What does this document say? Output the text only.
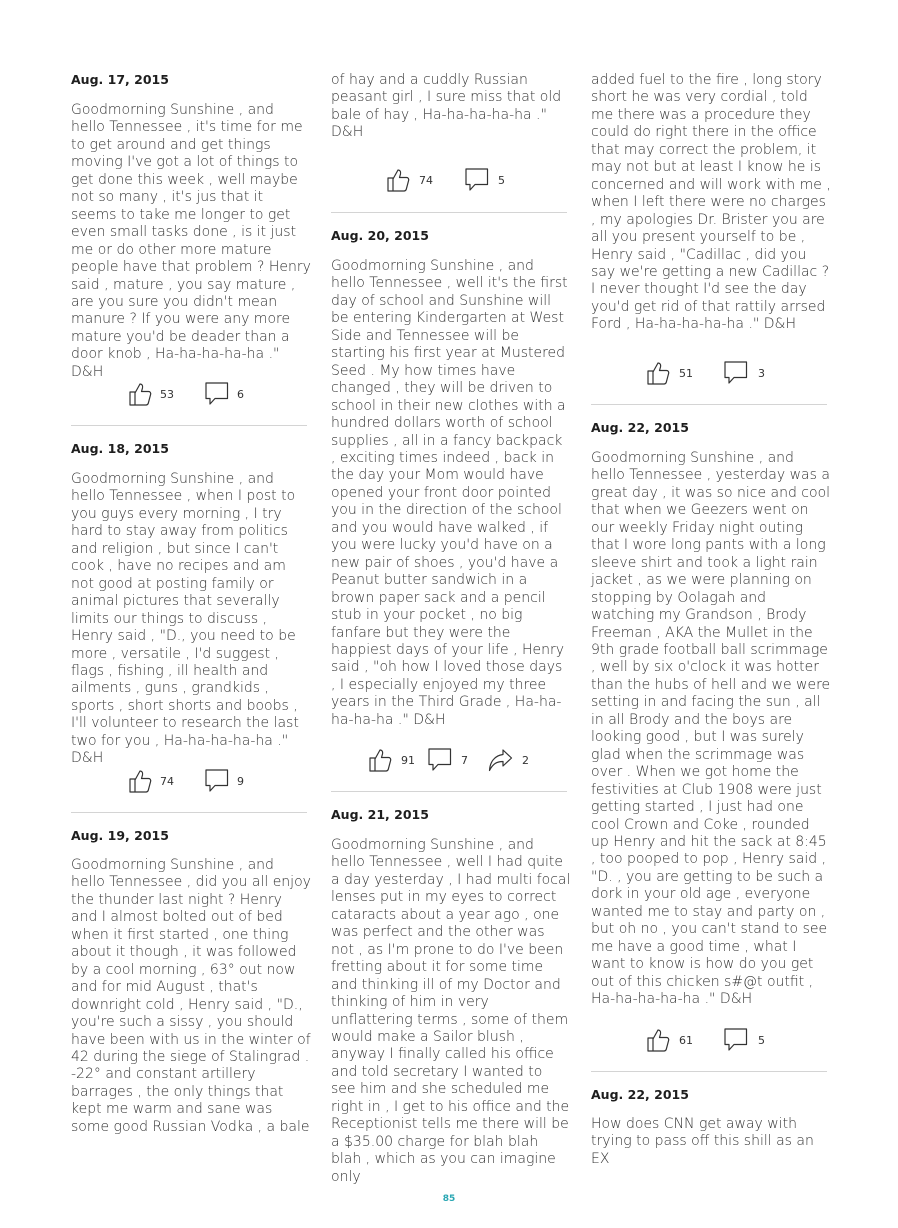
Aug. 17, 2015

Goodmorning Sunshine , and hello Tennessee , it's time for me to get around and get things moving I've got a lot of things to get done this week , well maybe not so many , it's jus that it seems to take me longer to get even small tasks done , is it just me or do other more mature people have that problem ? Henry said , mature , you say mature , are you sure you didn't mean manure ? If you were any more mature you'd be deader than a door knob , Ha-ha-ha-ha-ha ." D&H

53	6
Aug. 18, 2015

Goodmorning Sunshine , and hello Tennessee , when I post to you guys every morning , I try hard to stay away from politics and religion , but since I can't cook , have no recipes and am not good at posting family or animal pictures that severally limits our things to discuss , Henry said , "D., you need to be more , versatile , I'd suggest , flags , fishing , ill health and ailments , guns , grandkids , sports , short shorts and boobs , I'll volunteer to research the last two for you , Ha-ha-ha-ha-ha ." D&H

74	9
Aug. 19, 2015

Goodmorning Sunshine , and hello Tennessee , did you all enjoy the thunder last night ? Henry and I almost bolted out of bed when it first started , one thing about it though , it was followed by a cool morning , 63° out now and for mid August , that's downright cold , Henry said , "D., you're such a sissy , you should have been with us in the winter of 42 during the siege of Stalingrad . -22° and constant artillery barrages , the only things that kept me warm and sane was some good Russian Vodka , a bale

of hay and a cuddly Russian peasant girl , I sure miss that old bale of hay , Ha-ha-ha-ha-ha ." D&H

74	5
Aug. 20, 2015

Goodmorning Sunshine , and hello Tennessee , well it's the first day of school and Sunshine will be entering Kindergarten at West Side and Tennessee will be starting his first year at Mustered Seed . My how times have changed , they will be driven to school in their new clothes with a hundred dollars worth of school supplies , all in a fancy backpack , exciting times indeed , back in the day your Mom would have opened your front door pointed you in the direction of the school and you would have walked , if you were lucky you'd have on a new pair of shoes , you'd have a Peanut butter sandwich in a brown paper sack and a pencil stub in your pocket , no big fanfare but they were the happiest days of your life , Henry said , "oh how I loved those days , I especially enjoyed my three years in the Third Grade , Ha-ha-ha-ha-ha ." D&H

91	7	2
Aug. 21, 2015

Goodmorning Sunshine , and hello Tennessee , well I had quite a day yesterday , I had multi focal lenses put in my eyes to correct cataracts about a year ago , one was perfect and the other was not , as I'm prone to do I've been fretting about it for some time and thinking ill of my Doctor and thinking of him in very unflattering terms , some of them would make a Sailor blush , anyway I finally called his office and told secretary I wanted to see him and she scheduled me right in , I get to his office and the Receptionist tells me there will be a $35.00 charge for blah blah blah , which as you can imagine only

added fuel to the fire , long story short he was very cordial , told me there was a procedure they could do right there in the office that may correct the problem, it may not but at least I know he is concerned and will work with me , when I left there were no charges , my apologies Dr. Brister you are all you present yourself to be , Henry said , "Cadillac , did you say we're getting a new Cadillac ? I never thought I'd see the day you'd get rid of that rattily arrsed Ford , Ha-ha-ha-ha-ha ." D&H

51	3
Aug. 22, 2015

Goodmorning Sunshine , and hello Tennessee , yesterday was a great day , it was so nice and cool that when we Geezers went on our weekly Friday night outing that I wore long pants with a long sleeve shirt and took a light rain jacket , as we were planning on stopping by Oolagah and watching my Grandson , Brody Freeman , AKA the Mullet in the 9th grade football ball scrimmage , well by six o'clock it was hotter than the hubs of hell and we were setting in and facing the sun , all in all Brody and the boys are looking good , but I was surely glad when the scrimmage was over . When we got home the festivities at Club 1908 were just getting started , I just had one cool Crown and Coke , rounded up Henry and hit the sack at 8:45 , too pooped to pop , Henry said , "D. , you are getting to be such a dork in your old age , everyone wanted me to stay and party on , but oh no , you can't stand to see me have a good time , what I want to know is how do you get out of this chicken s#@t outfit , Ha-ha-ha-ha-ha ." D&H

61	5
Aug. 22, 2015

How does CNN get away with trying to pass off this shill as an EX

85
